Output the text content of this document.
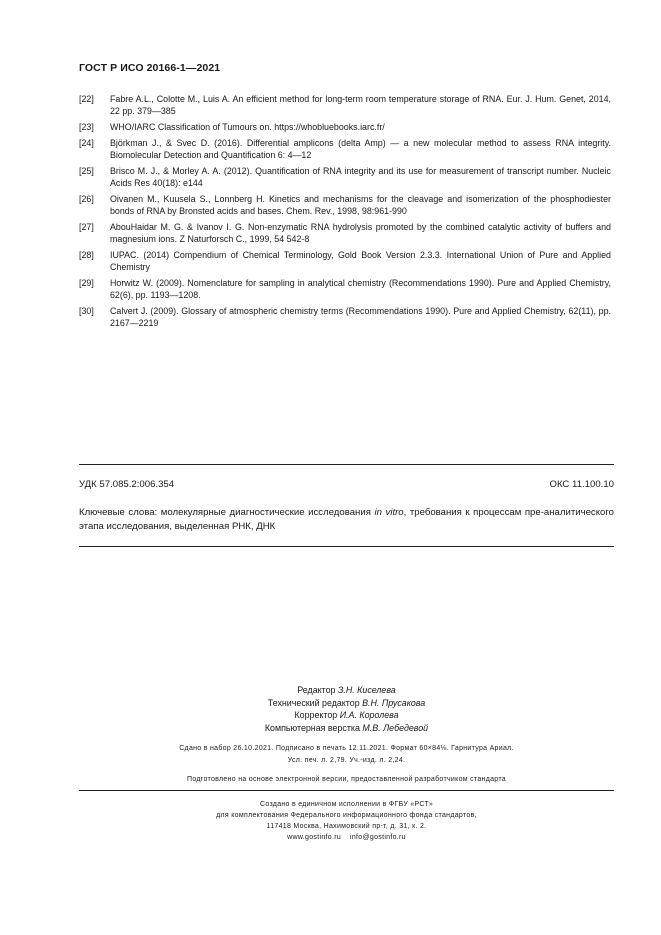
ГОСТ Р ИСО 20166-1—2021
[22]	Fabre A.L., Colotte M., Luis A. An efficient method for long-term room temperature storage of RNA. Eur. J. Hum. Genet, 2014, 22 pp. 379—385
[23]	WHO/IARC Classification of Tumours on. https://whobluebooks.iarc.fr/
[24]	Björkman J., & Svec D. (2016). Differential amplicons (delta Amp) — a new molecular method to assess RNA integrity. Biomolecular Detection and Quantification 6: 4—12
[25]	Brisco M. J., & Morley A. A. (2012). Quantification of RNA integrity and its use for measurement of transcript number. Nucleic Acids Res 40(18): e144
[26]	Oivanen M., Kuusela S., Lonnberg H. Kinetics and mechanisms for the cleavage and isomerization of the phosphodiester bonds of RNA by Bronsted acids and bases. Chem. Rev., 1998, 98:961-990
[27]	AbouHaidar M. G. & Ivanov I. G. Non-enzymatic RNA hydrolysis promoted by the combined catalytic activity of buffers and magnesium ions. Z Naturforsch C., 1999, 54 542-8
[28]	IUPAC. (2014) Compendium of Chemical Terminology, Gold Book Version 2.3.3. International Union of Pure and Applied Chemistry
[29]	Horwitz W. (2009). Nomenclature for sampling in analytical chemistry (Recommendations 1990). Pure and Applied Chemistry, 62(6), pp. 1193—1208.
[30]	Calvert J. (2009). Glossary of atmospheric chemistry terms (Recommendations 1990). Pure and Applied Chemistry, 62(11), pp. 2167—2219
УДК 57.085.2:006.354	ОКС 11.100.10
Ключевые слова: молекулярные диагностические исследования in vitro, требования к процессам пре-аналитического этапа исследования, выделенная РНК, ДНК
Редактор З.Н. Киселева
Технический редактор В.Н. Прусакова
Корректор И.А. Королева
Компьютерная верстка М.В. Лебедевой
Сдано в набор 26.10.2021. Подписано в печать 12.11.2021. Формат 60×84⅛. Гарнитура Ариал.
Усл. печ. л. 2,79. Уч.-изд. л. 2,24.
Подготовлено на основе электронной версии, предоставленной разработчиком стандарта
Создано в единичном исполнении в ФГБУ «РСТ»
для комплектования Федерального информационного фонда стандартов,
117418 Москва, Нахимовский пр-т, д. 31, к. 2.
www.gostinfo.ru    info@gostinfo.ru
